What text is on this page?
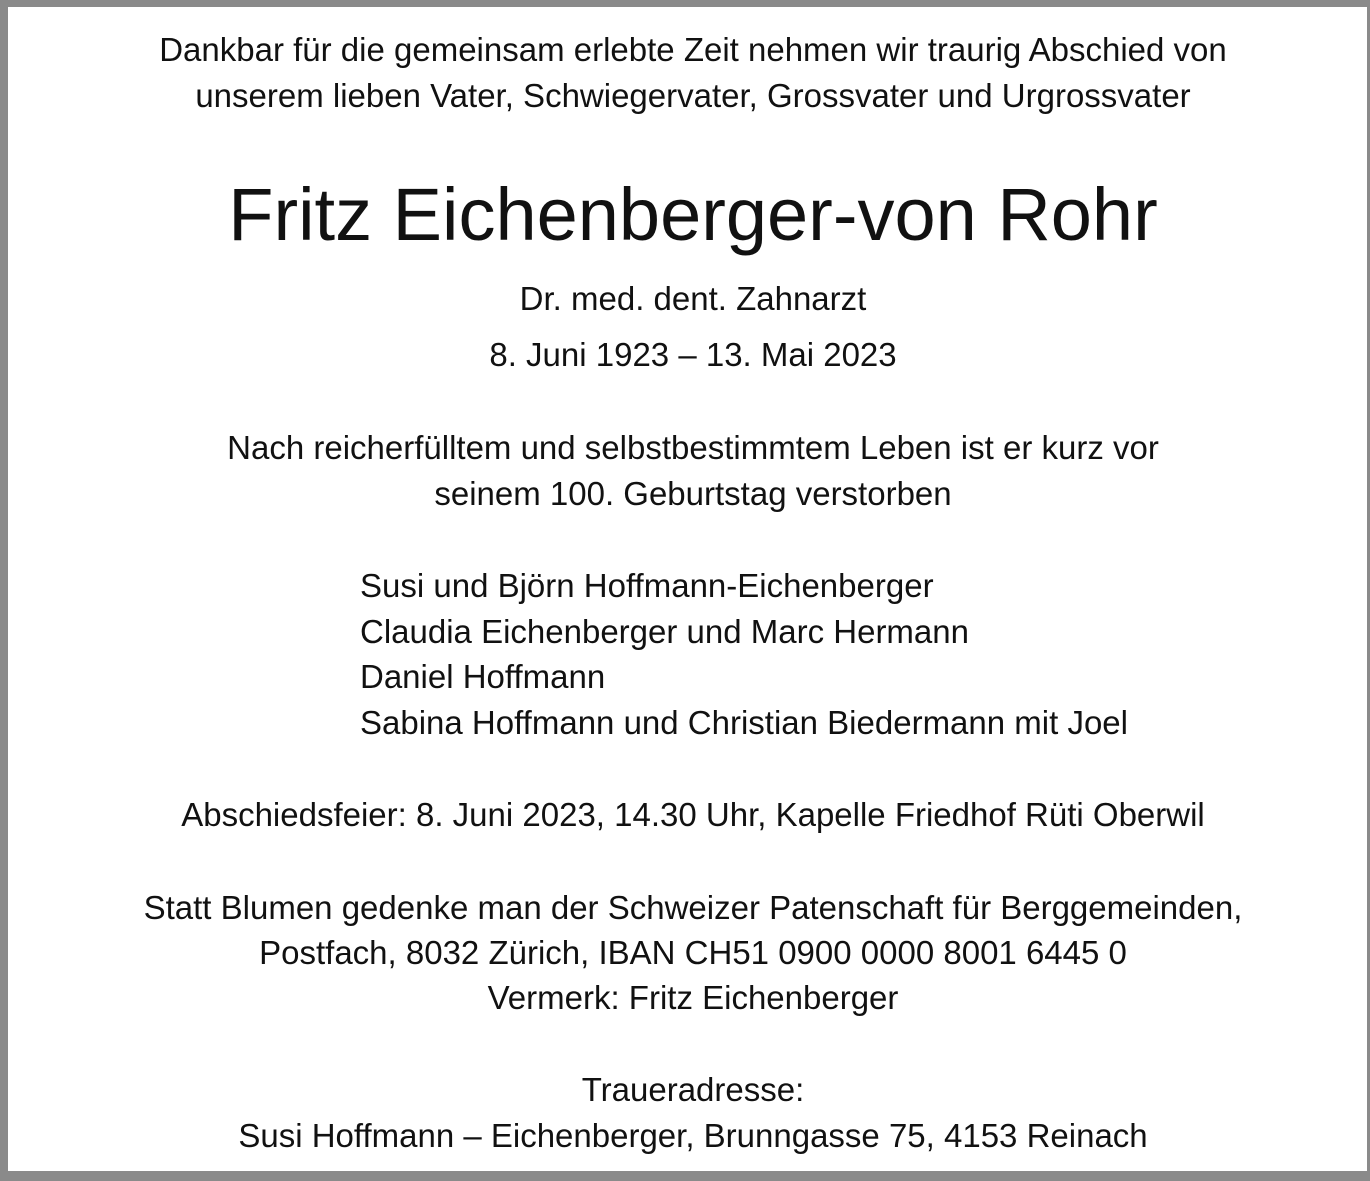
Dankbar für die gemeinsam erlebte Zeit nehmen wir traurig Abschied von
unserem lieben Vater, Schwiegervater, Grossvater und Urgrossvater
Fritz Eichenberger-von Rohr
Dr. med. dent. Zahnarzt
8. Juni 1923 – 13. Mai 2023
Nach reicherfülltem und selbstbestimmtem Leben ist er kurz vor
seinem 100. Geburtstag verstorben
Susi und Björn Hoffmann-Eichenberger
Claudia Eichenberger und Marc Hermann
Daniel Hoffmann
Sabina Hoffmann und Christian Biedermann mit Joel
Abschiedsfeier: 8. Juni 2023, 14.30 Uhr, Kapelle Friedhof Rüti Oberwil
Statt Blumen gedenke man der Schweizer Patenschaft für Berggemeinden,
Postfach, 8032 Zürich, IBAN CH51 0900 0000 8001 6445 0
Vermerk: Fritz Eichenberger
Traueradresse:
Susi Hoffmann – Eichenberger, Brunngasse 75, 4153 Reinach
